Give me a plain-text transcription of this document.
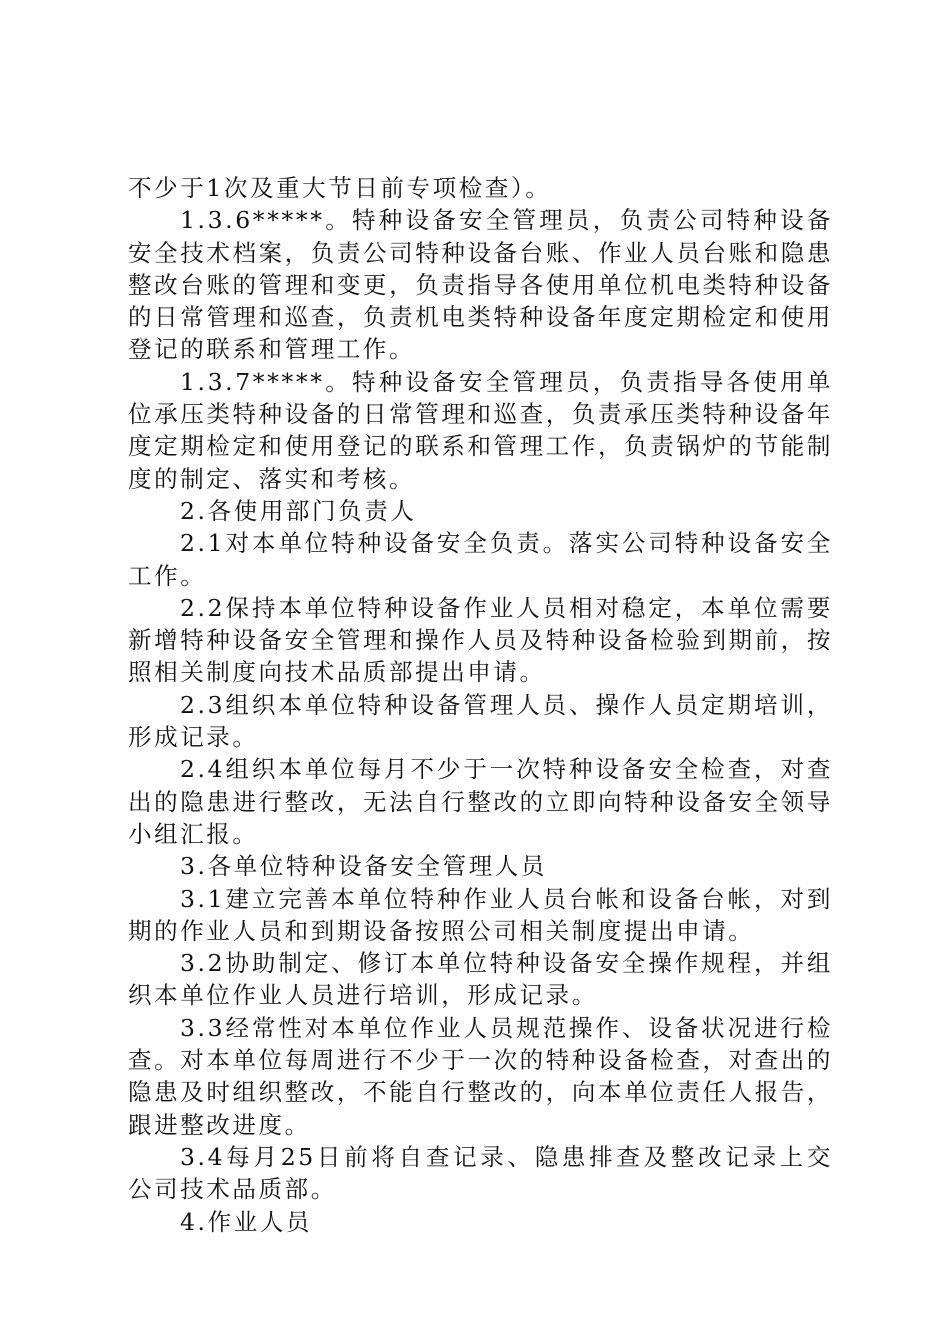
不少于1次及重大节日前专项检查）。

1.3.6*****。特种设备安全管理员，负责公司特种设备安全技术档案，负责公司特种设备台账、作业人员台账和隐患整改台账的管理和变更，负责指导各使用单位机电类特种设备的日常管理和巡查，负责机电类特种设备年度定期检定和使用登记的联系和管理工作。

1.3.7*****。特种设备安全管理员，负责指导各使用单位承压类特种设备的日常管理和巡查，负责承压类特种设备年度定期检定和使用登记的联系和管理工作，负责锅炉的节能制度的制定、落实和考核。

2.各使用部门负责人

2.1对本单位特种设备安全负责。落实公司特种设备安全工作。

2.2保持本单位特种设备作业人员相对稳定，本单位需要新增特种设备安全管理和操作人员及特种设备检验到期前，按照相关制度向技术品质部提出申请。

2.3组织本单位特种设备管理人员、操作人员定期培训，形成记录。

2.4组织本单位每月不少于一次特种设备安全检查，对查出的隐患进行整改，无法自行整改的立即向特种设备安全领导小组汇报。

3.各单位特种设备安全管理人员

3.1建立完善本单位特种作业人员台帐和设备台帐，对到期的作业人员和到期设备按照公司相关制度提出申请。

3.2协助制定、修订本单位特种设备安全操作规程，并组织本单位作业人员进行培训，形成记录。

3.3经常性对本单位作业人员规范操作、设备状况进行检查。对本单位每周进行不少于一次的特种设备检查，对查出的隐患及时组织整改，不能自行整改的，向本单位责任人报告，跟进整改进度。

3.4每月25日前将自查记录、隐患排查及整改记录上交公司技术品质部。

4.作业人员
